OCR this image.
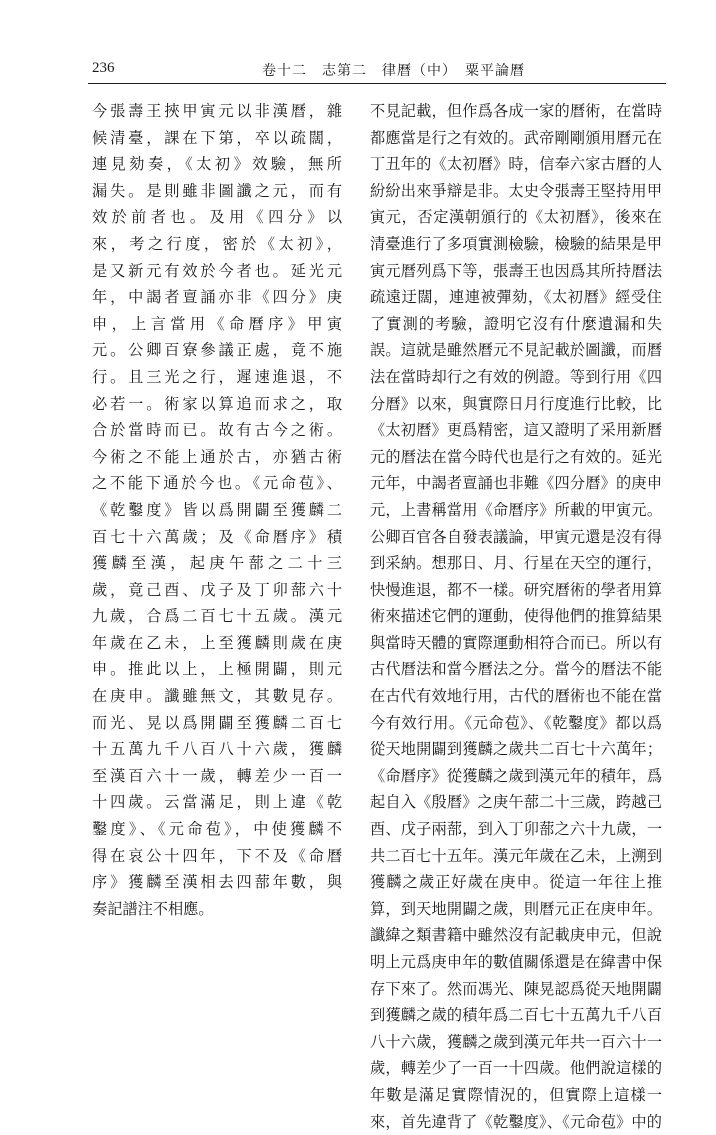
236	卷十二　志第二　律曆（中）　粟平論曆
今張壽王挾甲寅元以非漢曆，雜
候清臺，課在下第，卒以疏闊，
連見劾奏，《太初》效驗，無所
漏失。是則雖非圖讖之元，而有
效於前者也。及用《四分》以
來，考之行度，密於《太初》，
是又新元有效於今者也。延光元
年，中謁者亶誦亦非《四分》庚
申，上言當用《命曆序》甲寅
元。公卿百寮參議正處，竟不施
行。且三光之行，遲速進退，不
必若一。術家以算追而求之，取
合於當時而已。故有古今之術。
今術之不能上通於古，亦猶古術
之不能下通於今也。《元命苞》、
《乾鑿度》皆以爲開闢至獲麟二
百七十六萬歲；及《命曆序》積
獲麟至漢，起庚午蔀之二十三
歲，竟己酉、戊子及丁卯蔀六十
九歲，合爲二百七十五歲。漢元
年歲在乙未，上至獲麟則歲在庚
申。推此以上，上極開闢，則元
在庚申。讖雖無文，其數見存。
而光、晃以爲開闢至獲麟二百七
十五萬九千八百八十六歲，獲麟
至漢百六十一歲，轉差少一百一
十四歲。云當滿足，則上違《乾
鑿度》、《元命苞》，中使獲麟不
得在哀公十四年，下不及《命曆
序》獲麟至漢相去四蔀年數，與
奏記譜注不相應。
不見記載，但作爲各成一家的曆術，在當時
都應當是行之有效的。武帝剛剛頒用曆元在
丁丑年的《太初曆》時，信奉六家古曆的人
紛紛出來爭辯是非。太史令張壽王堅持用甲
寅元，否定漢朝頒行的《太初曆》，後來在
清臺進行了多項實測檢驗，檢驗的結果是甲
寅元曆列爲下等，張壽王也因爲其所持曆法
疏遠迂闊，連連被彈劾，《太初曆》經受住
了實測的考驗，證明它沒有什麼遺漏和失
誤。這就是雖然曆元不見記載於圖讖，而曆
法在當時却行之有效的例證。等到行用《四
分曆》以來，與實際日月行度進行比較，比
《太初曆》更爲精密，這又證明了采用新曆
元的曆法在當今時代也是行之有效的。延光
元年，中謁者亶誦也非難《四分曆》的庚申
元，上書稱當用《命曆序》所載的甲寅元。
公卿百官各自發表議論，甲寅元還是沒有得
到采納。想那日、月、行星在天空的運行，
快慢進退，都不一樣。研究曆術的學者用算
術來描述它們的運動，使得他們的推算結果
與當時天體的實際運動相符合而已。所以有
古代曆法和當今曆法之分。當今的曆法不能
在古代有效地行用，古代的曆術也不能在當
今有效行用。《元命苞》、《乾鑿度》都以爲
從天地開闢到獲麟之歲共二百七十六萬年；
《命曆序》從獲麟之歲到漢元年的積年，爲
起自入《殷曆》之庚午蔀二十三歲，跨越己
酉、戊子兩蔀，到入丁卯蔀之六十九歲，一
共二百七十五年。漢元年歲在乙未，上溯到
獲麟之歲正好歲在庚申。從這一年往上推
算，到天地開闢之歲，則曆元正在庚申年。
讖緯之類書籍中雖然沒有記載庚申元，但說
明上元爲庚申年的數值關係還是在緯書中保
存下來了。然而馮光、陳晃認爲從天地開闢
到獲麟之歲的積年爲二百七十五萬九千八百
八十六歲，獲麟之歲到漢元年共一百六十一
歲，轉差少了一百一十四歲。他們說這樣的
年數是滿足實際情況的，但實際上這樣一
來，首先違背了《乾鑿度》、《元命苞》中的
